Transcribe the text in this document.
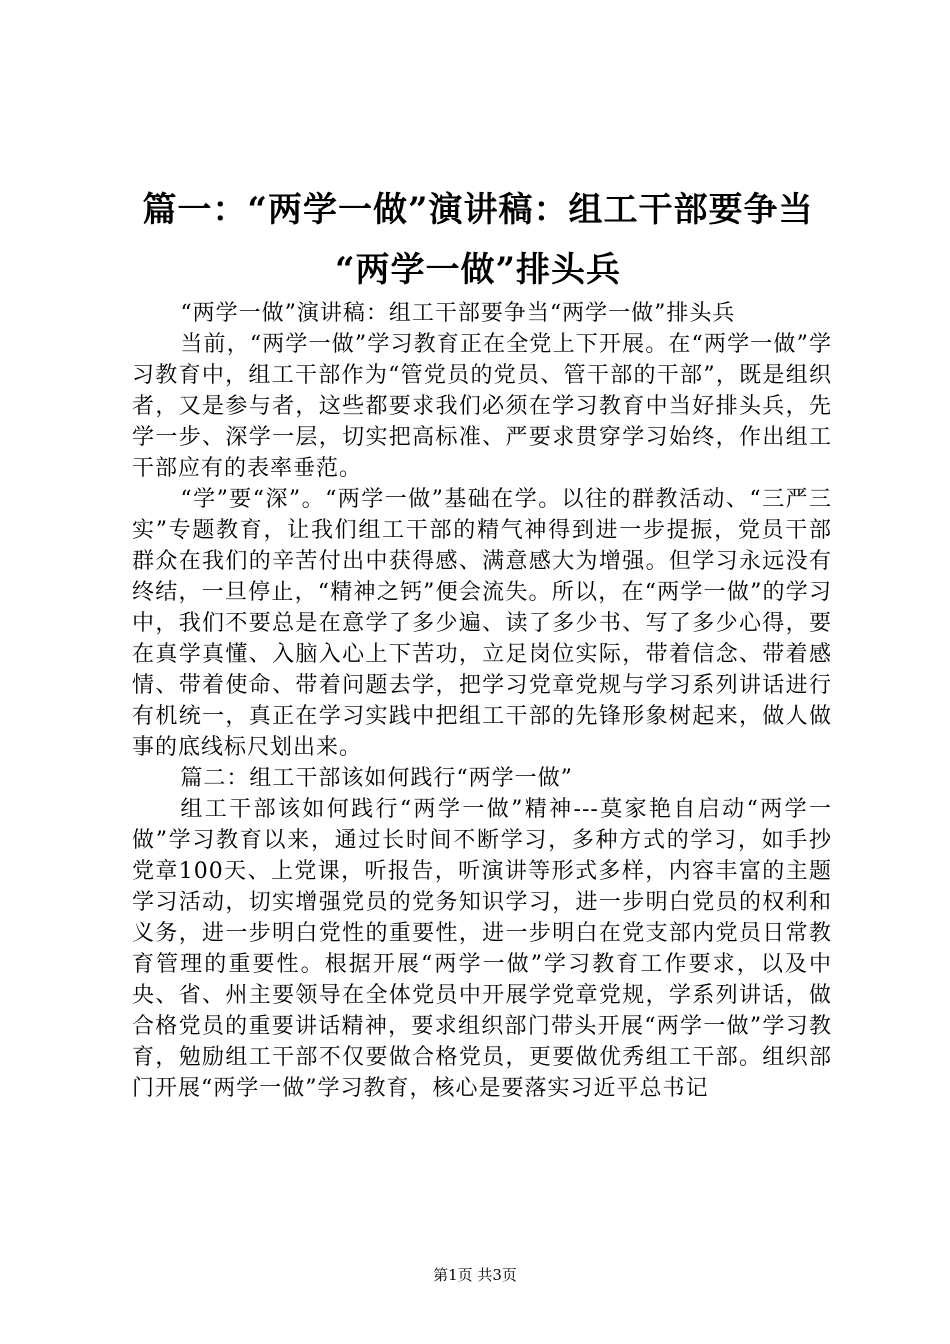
篇一：“两学一做”演讲稿：组工干部要争当
“两学一做”排头兵

“两学一做”演讲稿：组工干部要争当“两学一做”排头兵

当前，“两学一做”学习教育正在全党上下开展。在“两学一做”学习教育中，组工干部作为“管党员的党员、管干部的干部”，既是组织者，又是参与者，这些都要求我们必须在学习教育中当好排头兵，先学一步、深学一层，切实把高标准、严要求贯穿学习始终，作出组工干部应有的表率垂范。

“学”要“深”。“两学一做”基础在学。以往的群教活动、“三严三实”专题教育，让我们组工干部的精气神得到进一步提振，党员干部群众在我们的辛苦付出中获得感、满意感大为增强。但学习永远没有终结，一旦停止，“精神之钙”便会流失。所以，在“两学一做”的学习中，我们不要总是在意学了多少遍、读了多少书、写了多少心得，要在真学真懂、入脑入心上下苦功，立足岗位实际，带着信念、带着感情、带着使命、带着问题去学，把学习党章党规与学习系列讲话进行有机统一，真正在学习实践中把组工干部的先锋形象树起来，做人做事的底线标尺划出来。

篇二：组工干部该如何践行“两学一做”

组工干部该如何践行“两学一做”精神---莫家艳自启动“两学一做”学习教育以来，通过长时间不断学习，多种方式的学习，如手抄党章100天、上党课，听报告，听演讲等形式多样，内容丰富的主题学习活动，切实增强党员的党务知识学习，进一步明白党员的权利和义务，进一步明白党性的重要性，进一步明白在党支部内党员日常教育管理的重要性。根据开展“两学一做”学习教育工作要求，以及中央、省、州主要领导在全体党员中开展学党章党规，学系列讲话，做合格党员的重要讲话精神，要求组织部门带头开展“两学一做”学习教育，勉励组工干部不仅要做合格党员，更要做优秀组工干部。组织部门开展“两学一做”学习教育，核心是要落实习近平总书记

第1页 共3页
